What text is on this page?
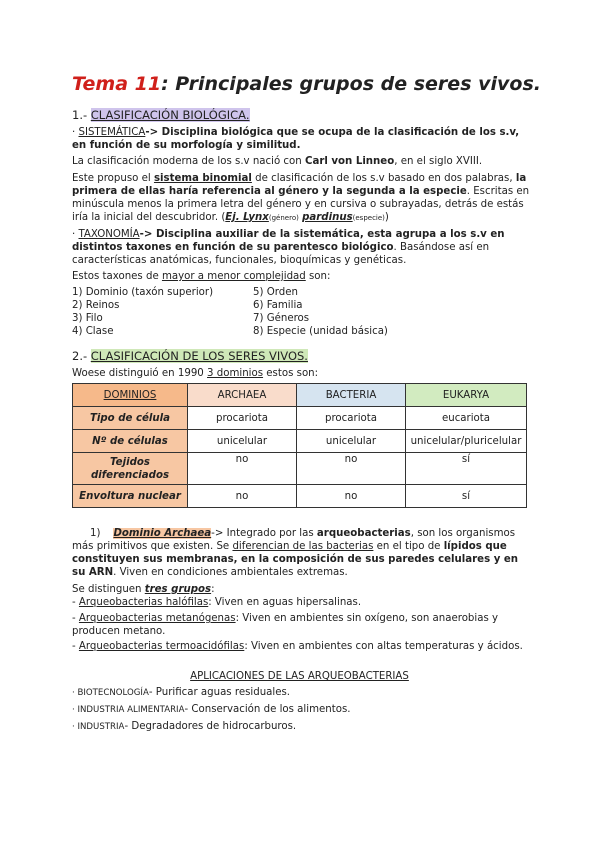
Tema 11: Principales grupos de seres vivos.
1.- CLASIFICACIÓN BIOLÓGICA.

· SISTEMÁTICA-> Disciplina biológica que se ocupa de la clasificación de los s.v, en función de su morfología y similitud.

La clasificación moderna de los s.v nació con Carl von Linneo, en el siglo XVIII.

Este propuso el sistema binomial de clasificación de los s.v basado en dos palabras, la primera de ellas haría referencia al género y la segunda a la especie. Escritas en minúscula menos la primera letra del género y en cursiva o subrayadas, detrás de estás iría la inicial del descubridor. (Ej. Lynx(género) pardinus(especie))

· TAXONOMÍA-> Disciplina auxiliar de la sistemática, esta agrupa a los s.v en distintos taxones en función de su parentesco biológico. Basándose así en características anatómicas, funcionales, bioquímicas y genéticas.

Estos taxones de mayor a menor complejidad son:

1) Dominio (taxón superior)
2) Reinos
3) Filo
4) Clase
5) Orden
6) Familia
7) Géneros
8) Especie (unidad básica)
2.- CLASIFICACIÓN DE LOS SERES VIVOS.

Woese distinguió en 1990 3 dominios estos son:

DOMINIOS	ARCHAEA	BACTERIA	EUKARYA
Tipo de célula	procariota	procariota	eucariota
Nº de células	unicelular	unicelular	unicelular/pluricelular
Tejidos diferenciados	no	no	sí
Envoltura nuclear	no	no	sí

1) Dominio Archaea-> Integrado por las arqueobacterias, son los organismos más primitivos que existen. Se diferencian de las bacterias en el tipo de lípidos que constituyen sus membranas, en la composición de sus paredes celulares y en su ARN. Viven en condiciones ambientales extremas.

Se distinguen tres grupos:

- Arqueobacterias halófilas: Viven en aguas hipersalinas.

- Arqueobacterias metanógenas: Viven en ambientes sin oxígeno, son anaerobias y producen metano.

- Arqueobacterias termoacidófilas: Viven en ambientes con altas temperaturas y ácidos.

APLICACIONES DE LAS ARQUEOBACTERIAS
· BIOTECNOLOGÍA- Purificar aguas residuales.
· INDUSTRIA ALIMENTARIA- Conservación de los alimentos.
· INDUSTRIA- Degradadores de hidrocarburos.
